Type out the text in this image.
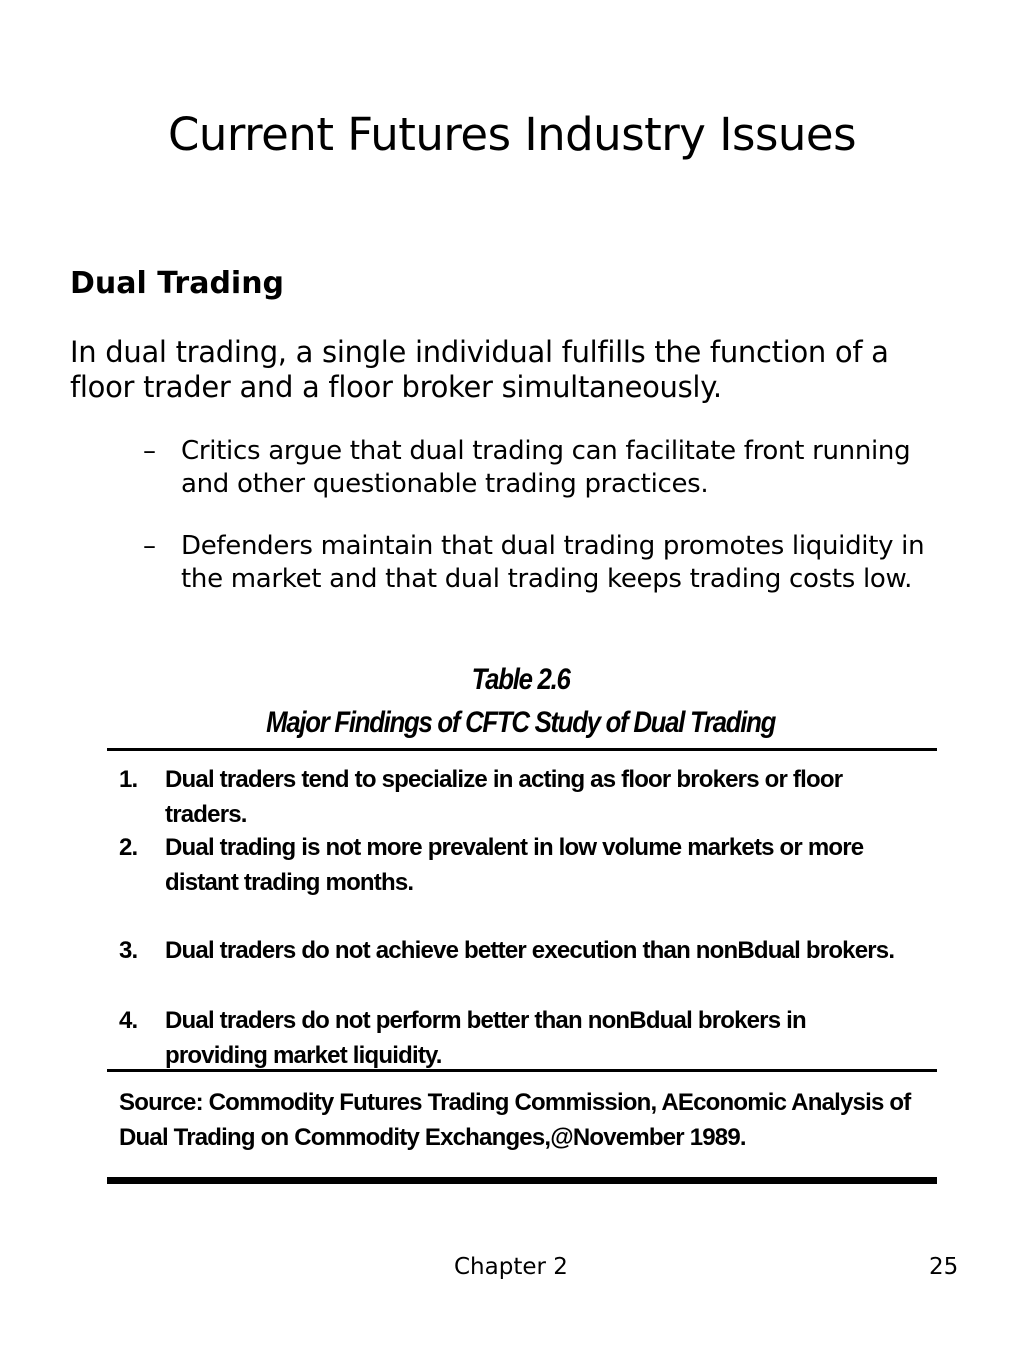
Current Futures Industry Issues
Dual Trading

In dual trading, a single individual fulfills the function of a floor trader and a floor broker simultaneously.

– Critics argue that dual trading can facilitate front running and other questionable trading practices.
– Defenders maintain that dual trading promotes liquidity in the market and that dual trading keeps trading costs low.
Table 2.6
Major Findings of CFTC Study of Dual Trading
1. Dual traders tend to specialize in acting as floor brokers or floor traders.
2. Dual trading is not more prevalent in low volume markets or more distant trading months.
3. Dual traders do not achieve better execution than nonBdual brokers.
4. Dual traders do not perform better than nonBdual brokers in providing market liquidity.
Source: Commodity Futures Trading Commission, AEconomic Analysis of Dual Trading on Commodity Exchanges,@November 1989.
Chapter 2	25
